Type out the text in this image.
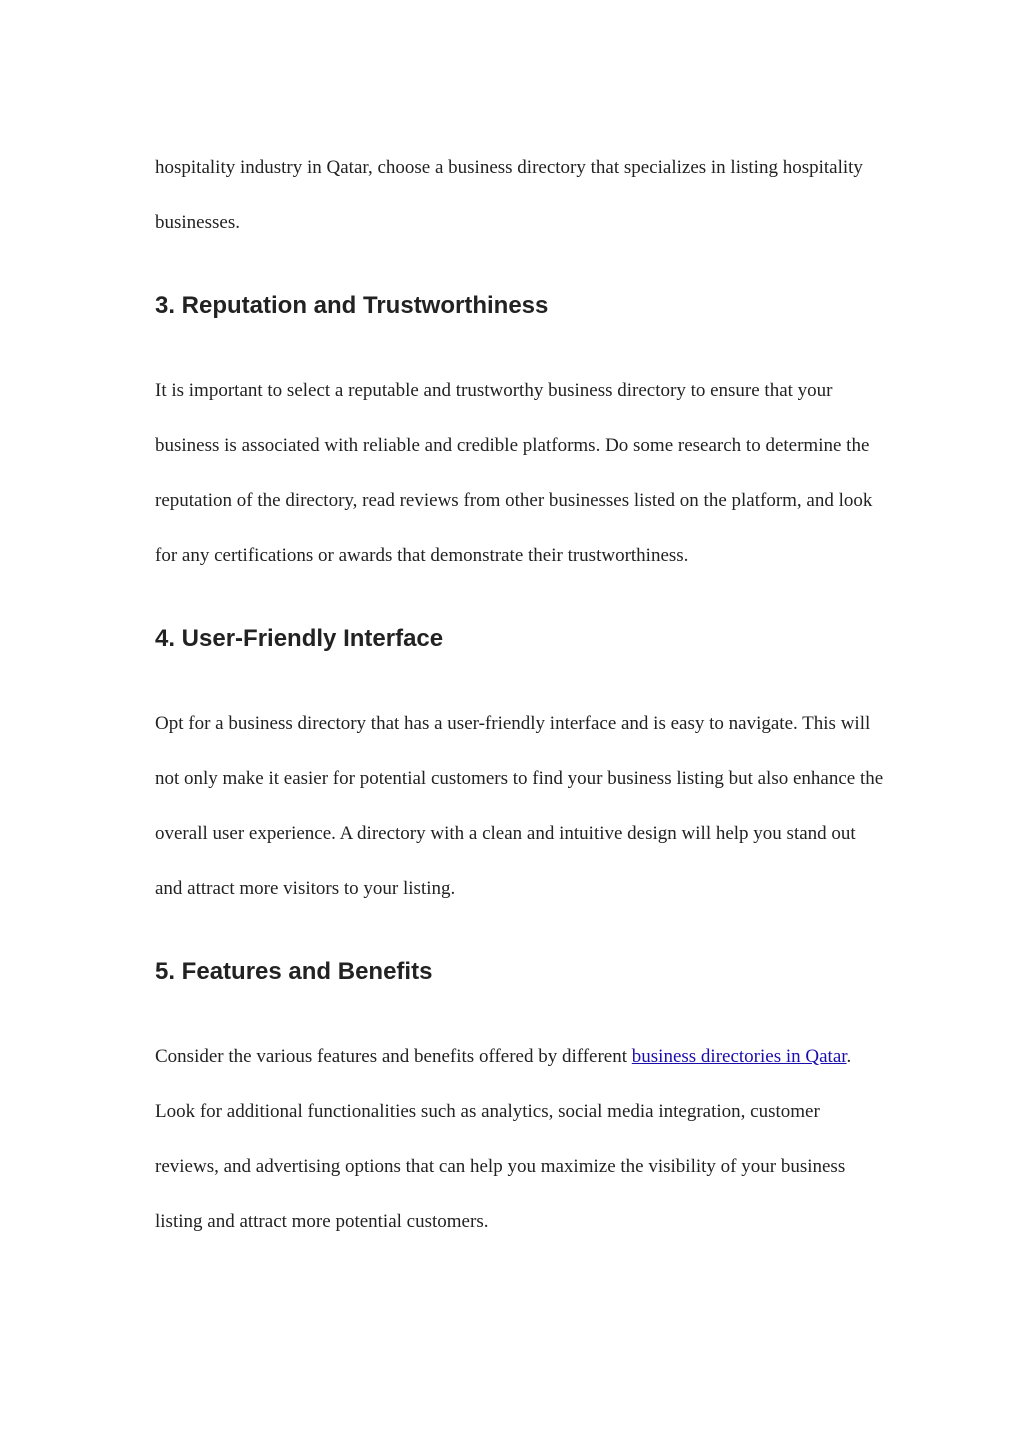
hospitality industry in Qatar, choose a business directory that specializes in listing hospitality businesses.

3. Reputation and Trustworthiness

It is important to select a reputable and trustworthy business directory to ensure that your business is associated with reliable and credible platforms. Do some research to determine the reputation of the directory, read reviews from other businesses listed on the platform, and look for any certifications or awards that demonstrate their trustworthiness.

4. User-Friendly Interface

Opt for a business directory that has a user-friendly interface and is easy to navigate. This will not only make it easier for potential customers to find your business listing but also enhance the overall user experience. A directory with a clean and intuitive design will help you stand out and attract more visitors to your listing.

5. Features and Benefits

Consider the various features and benefits offered by different business directories in Qatar. Look for additional functionalities such as analytics, social media integration, customer reviews, and advertising options that can help you maximize the visibility of your business listing and attract more potential customers.
